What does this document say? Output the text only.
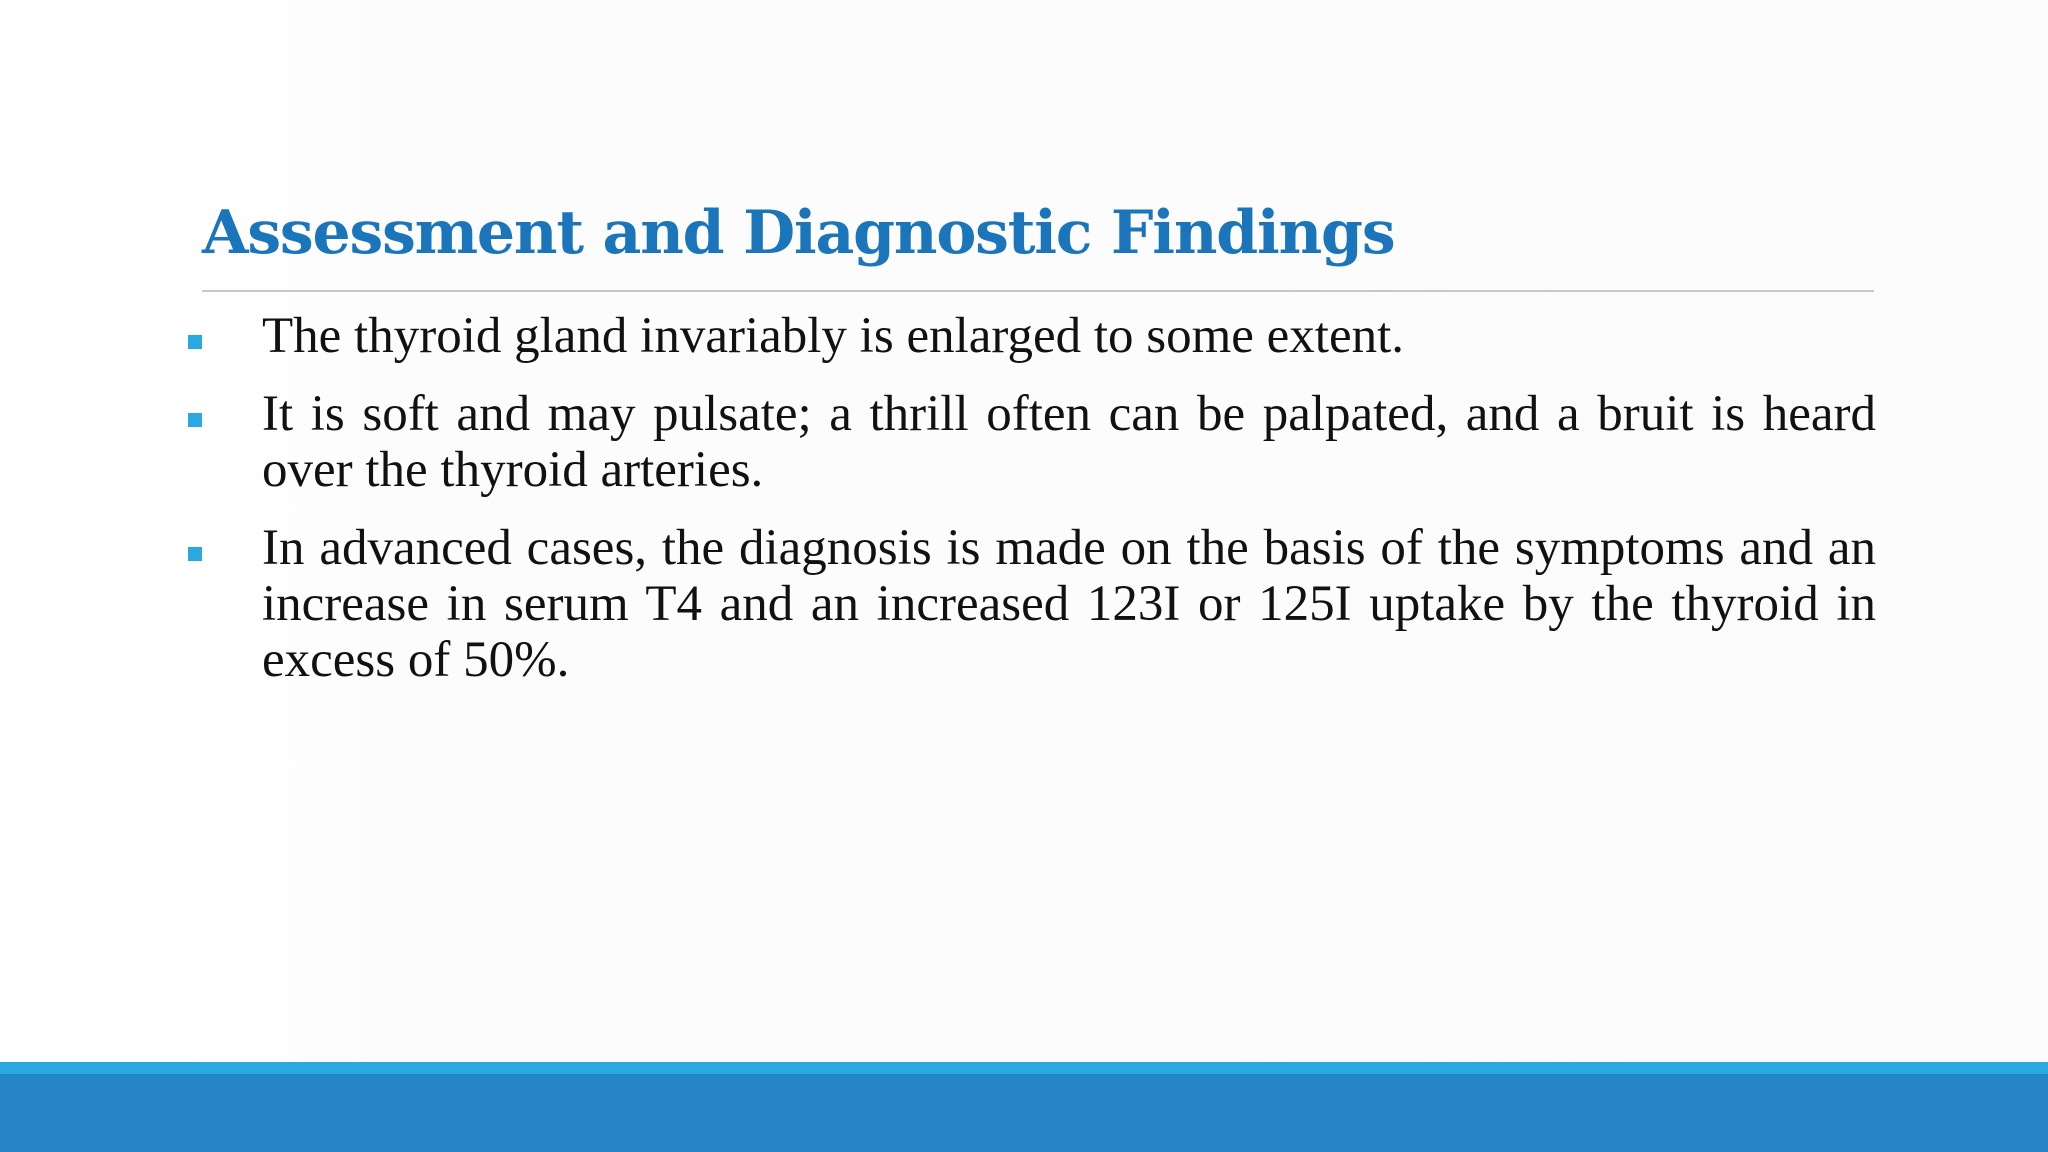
Assessment and Diagnostic Findings
The thyroid gland invariably is enlarged to some extent.
It is soft and may pulsate; a thrill often can be palpated, and a bruit is heard over the thyroid arteries.
In advanced cases, the diagnosis is made on the basis of the symptoms and an increase in serum T4 and an increased 123I or 125I uptake by the thyroid in excess of 50%.
